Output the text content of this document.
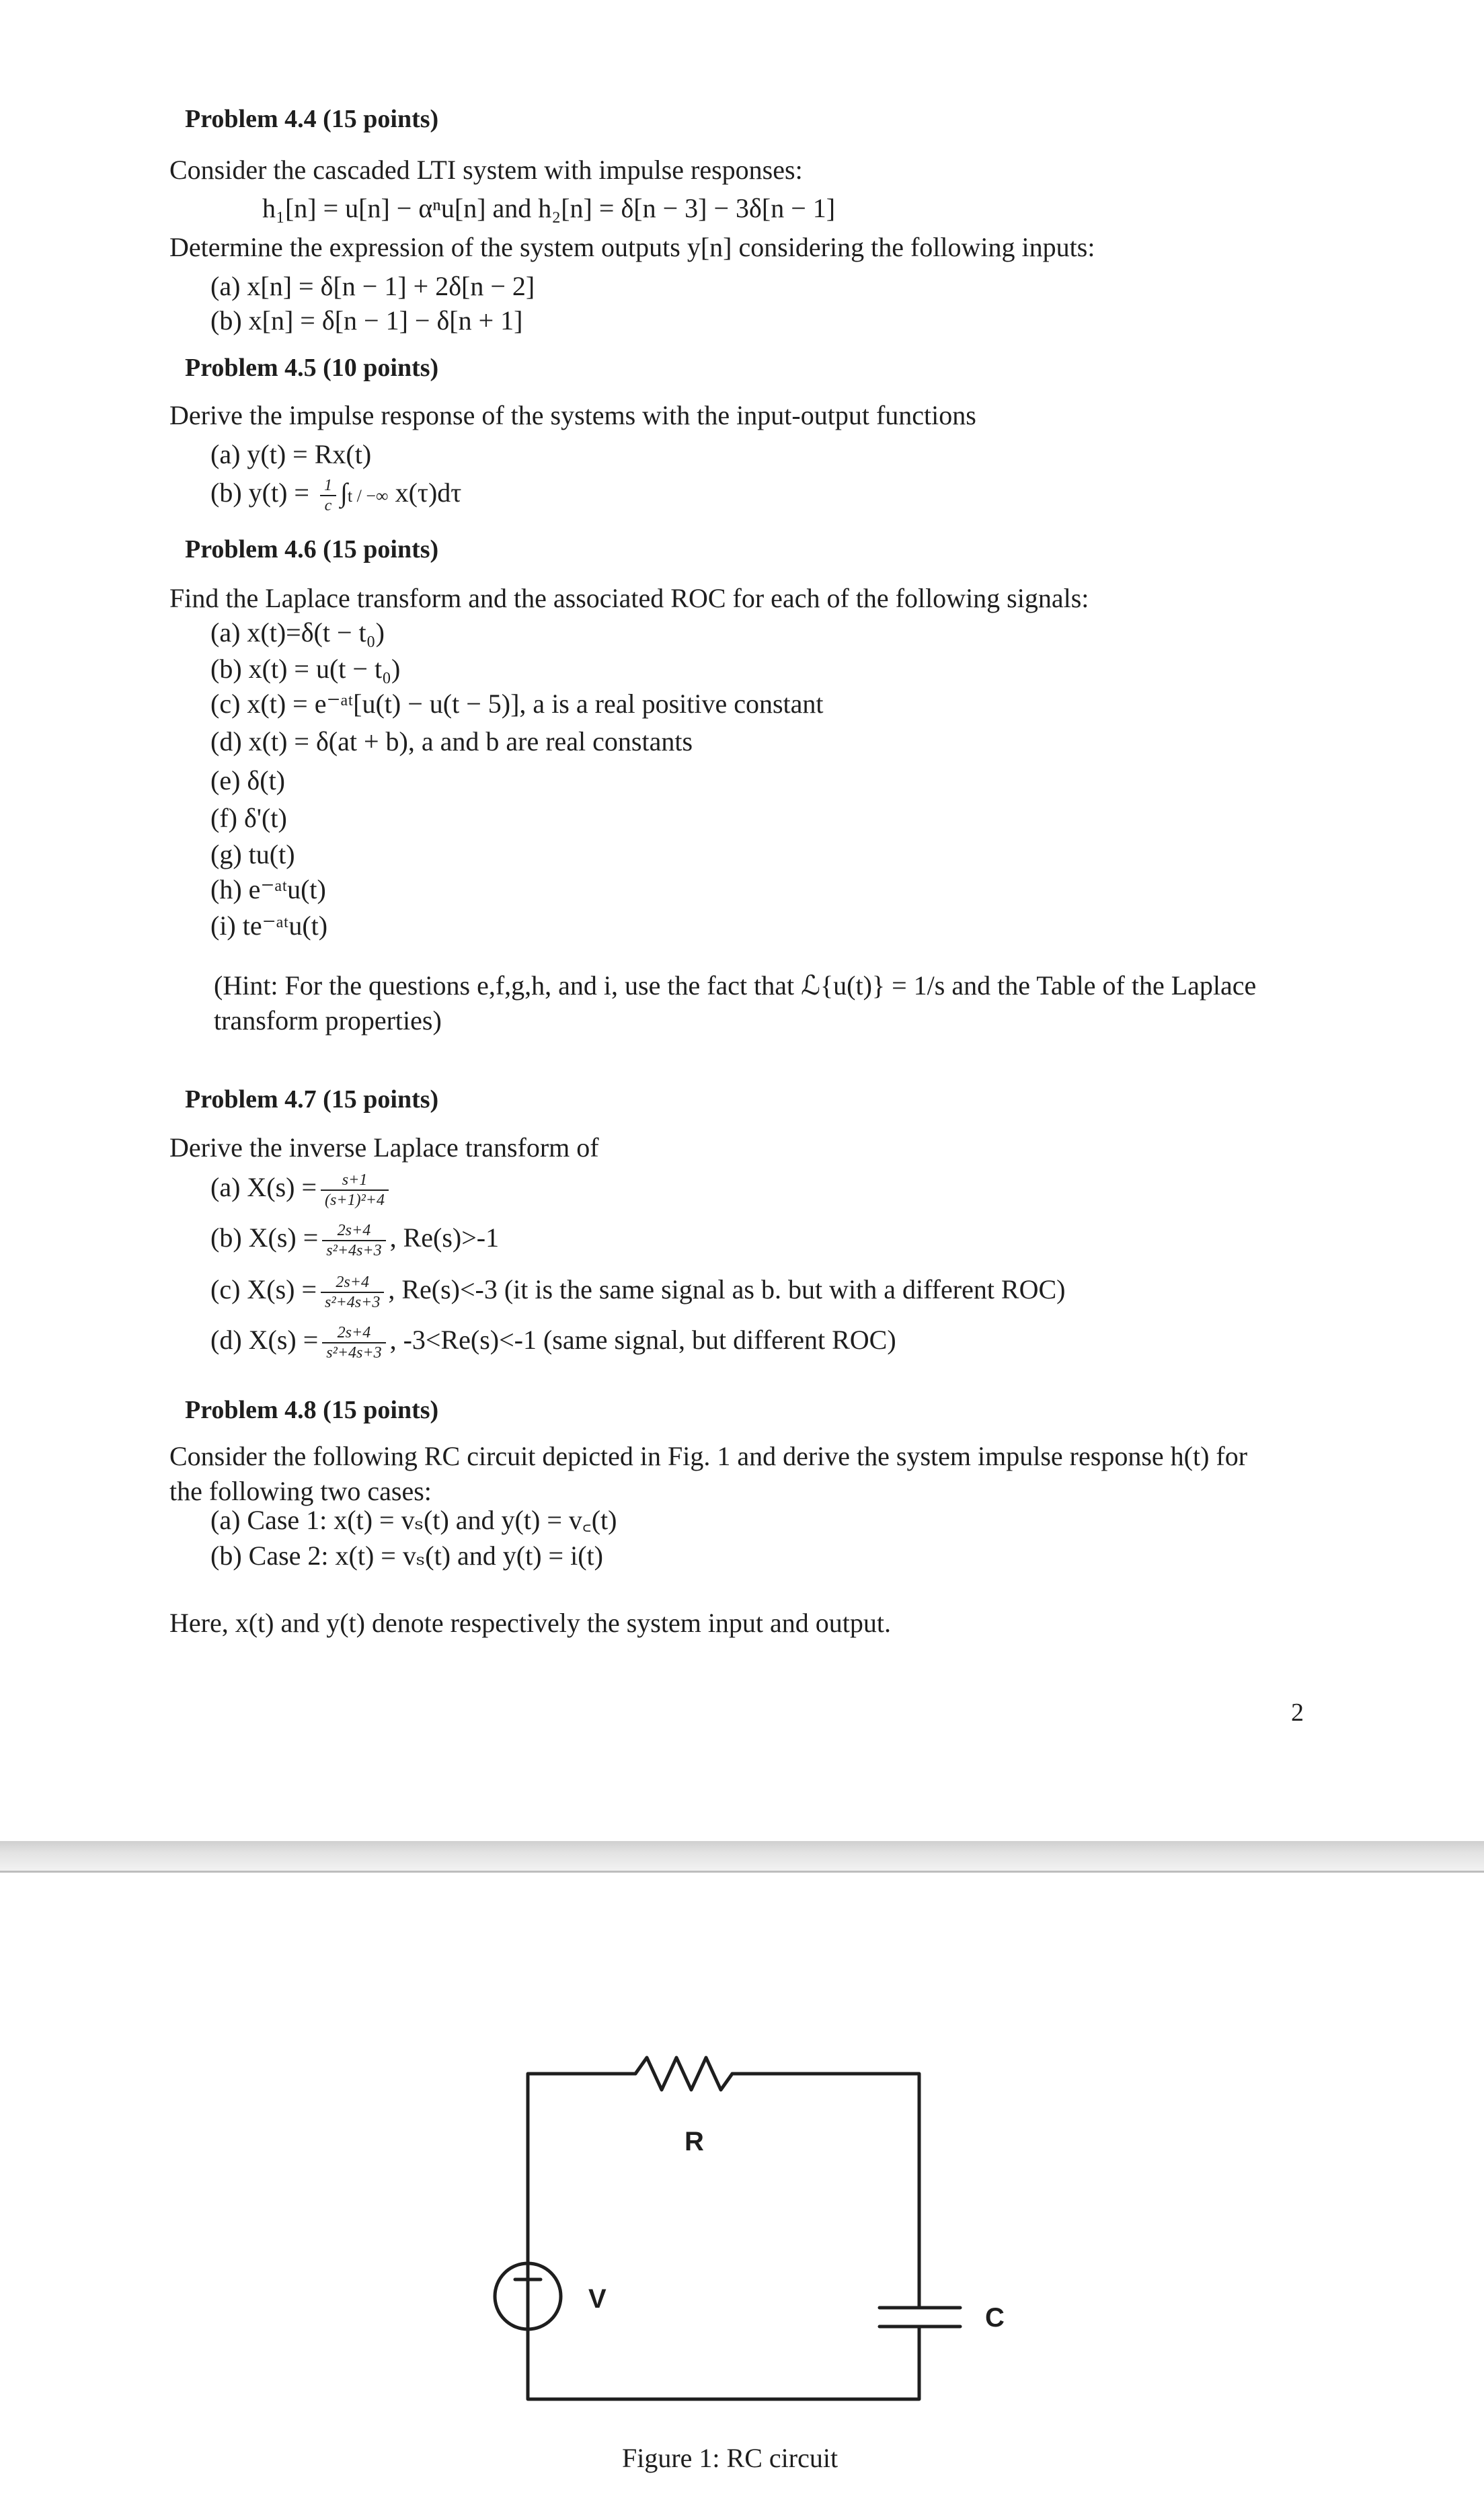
Problem 4.4 (15 points)
Consider the cascaded LTI system with impulse responses:
h₁[n] = u[n] − αⁿu[n] and h₂[n] = δ[n − 3] − 3δ[n − 1]
Determine the expression of the system outputs y[n] considering the following inputs:
(a) x[n] = δ[n − 1] + 2δ[n − 2]
(b) x[n] = δ[n − 1] − δ[n + 1]
Problem 4.5 (10 points)
Derive the impulse response of the systems with the input-output functions
(a) y(t) = Rx(t)
(b) $y(t) = \frac{1}{c} \int t$ / −∞ x(τ)dτ
Problem 4.6 (15 points)
Find the Laplace transform and the associated ROC for each of the following signals:
(a) x(t)=δ(t − t₀)
(b) x(t) = u(t − t₀)
(c) x(t) = e⁻ᵃᵗ[u(t) − u(t − 5)], a is a real positive constant
(d) x(t) = δ(at + b), a and b are real constants
(e) δ(t)
(f) δ'(t)
(g) tu(t)
(h) e⁻ᵃᵗu(t)
(i) te⁻ᵃᵗu(t)
(Hint: For the questions e,f,g,h, and i, use the fact that ℒ{u(t)} = 1/s and the Table of the Laplace transform properties)
Problem 4.7 (15 points)
Derive the inverse Laplace transform of
(a) $X(s) = \frac{s+1}{\text{(s+1)²+4}}$
(b) $X(s) = \frac{2s+4}{\text{s²+4s+3}}$ , Re(s)>-1
(c) $X(s) = \frac{2s+4}{\text{s²+4s+3}}$ , Re(s)<-3 (it is the same signal as b. but with a different ROC)
(d) $X(s) = \frac{2s+4}{\text{s²+4s+3}}$ , -3<Re(s)<-1 (same signal, but different ROC)
Problem 4.8 (15 points)
Consider the following RC circuit depicted in Fig. 1 and derive the system impulse response h(t) for the following two cases:
(a) Case 1: x(t) = vₛ(t) and y(t) = v꜀(t)
(b) Case 2: x(t) = vₛ(t) and y(t) = i(t)
Here, x(t) and y(t) denote respectively the system input and output.
2
R
V
C
Figure 1: RC circuit
